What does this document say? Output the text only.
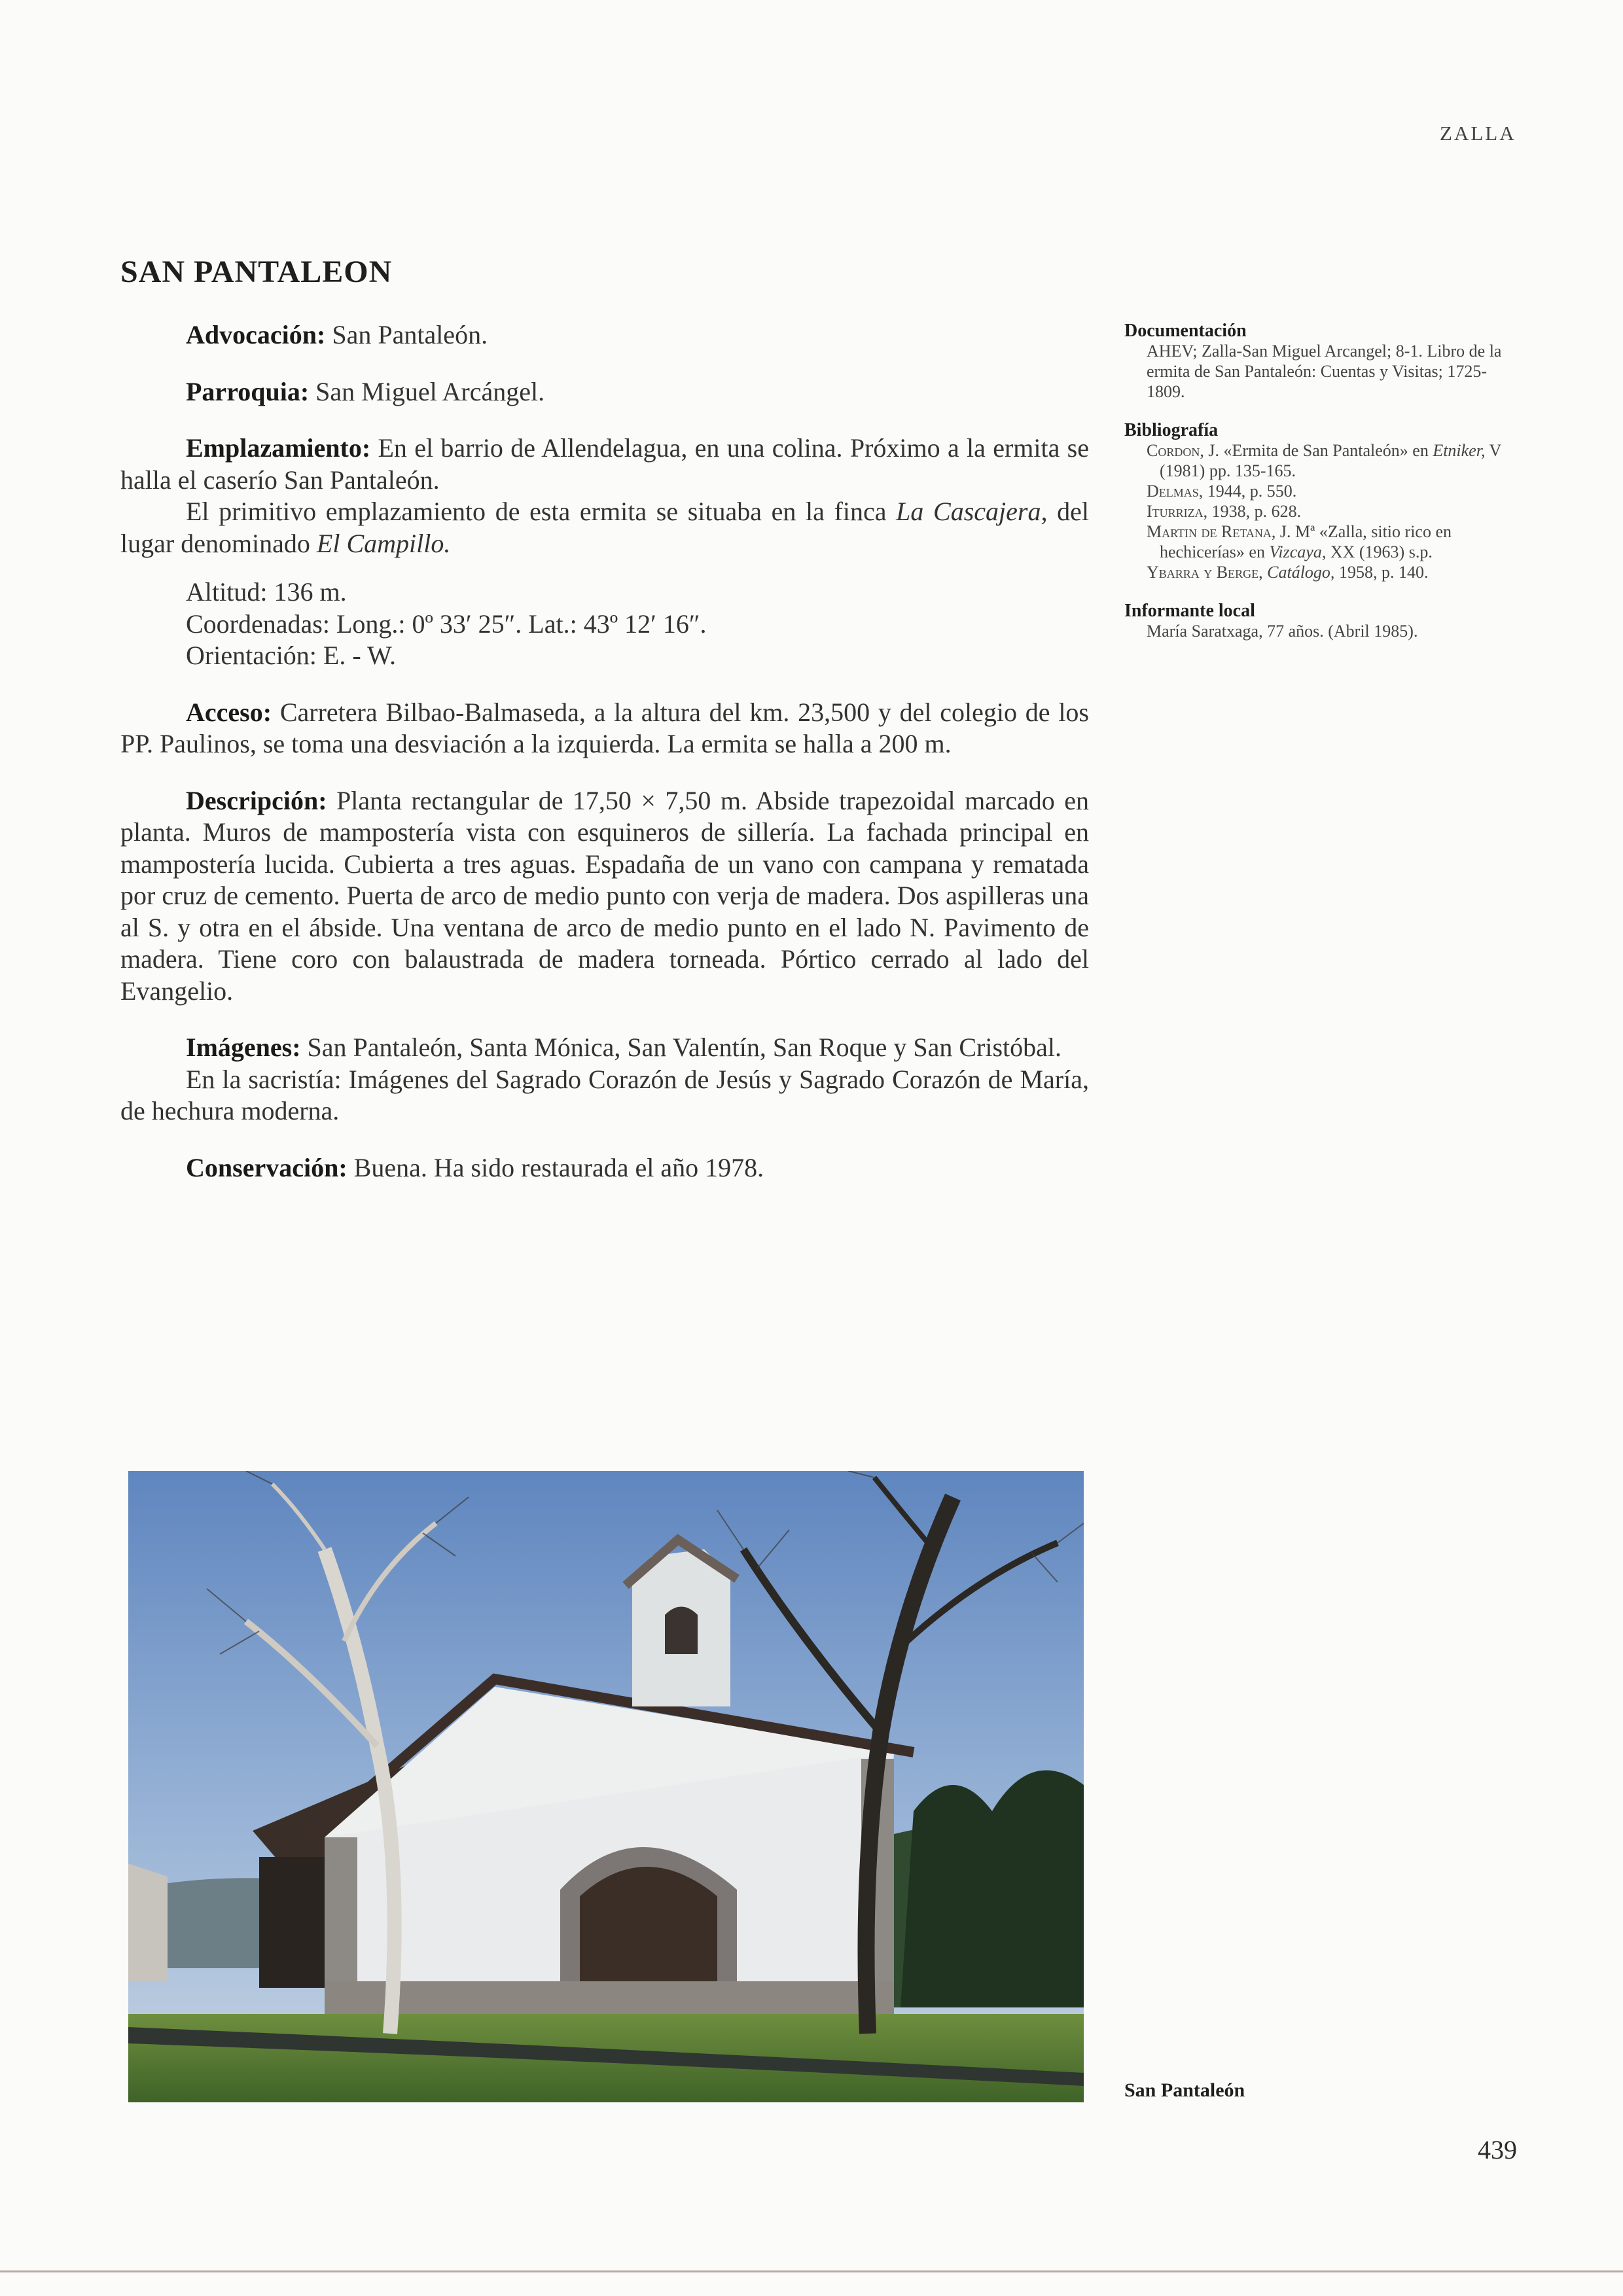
ZALLA
SAN PANTALEON

Advocación: San Pantaleón.

Parroquia: San Miguel Arcángel.

Emplazamiento: En el barrio de Allendelagua, en una colina. Próximo a la ermita se halla el caserío San Pantaleón.

El primitivo emplazamiento de esta ermita se situaba en la finca La Cascajera, del lugar denominado El Campillo.

Altitud: 136 m.

Coordenadas: Long.: 0º 33′ 25″. Lat.: 43º 12′ 16″.

Orientación: E. - W.

Acceso: Carretera Bilbao-Balmaseda, a la altura del km. 23,500 y del colegio de los PP. Paulinos, se toma una desviación a la izquierda. La ermita se halla a 200 m.

Descripción: Planta rectangular de 17,50 × 7,50 m. Abside trapezoidal marcado en planta. Muros de mampostería vista con esquineros de sillería. La fachada principal en mampostería lucida. Cubierta a tres aguas. Espadaña de un vano con campana y rematada por cruz de cemento. Puerta de arco de medio punto con verja de madera. Dos aspilleras una al S. y otra en el ábside. Una ventana de arco de medio punto en el lado N. Pavimento de madera. Tiene coro con balaustrada de madera torneada. Pórtico cerrado al lado del Evangelio.

Imágenes: San Pantaleón, Santa Mónica, San Valentín, San Roque y San Cristóbal.

En la sacristía: Imágenes del Sagrado Corazón de Jesús y Sagrado Corazón de María, de hechura moderna.

Conservación: Buena. Ha sido restaurada el año 1978.

Documentación

AHEV; Zalla-San Miguel Arcangel; 8-1. Libro de la ermita de San Pantaleón: Cuentas y Visitas; 1725-1809.

Bibliografía

Cordon, J. «Ermita de San Pantaleón» en Etniker, V (1981) pp. 135-165.

Delmas, 1944, p. 550.

Iturriza, 1938, p. 628.

Martin de Retana, J. Mª «Zalla, sitio rico en hechicerías» en Vizcaya, XX (1963) s.p.

Ybarra y Berge, Catálogo, 1958, p. 140.

Informante local

María Saratxaga, 77 años. (Abril 1985).

San Pantaleón
439
